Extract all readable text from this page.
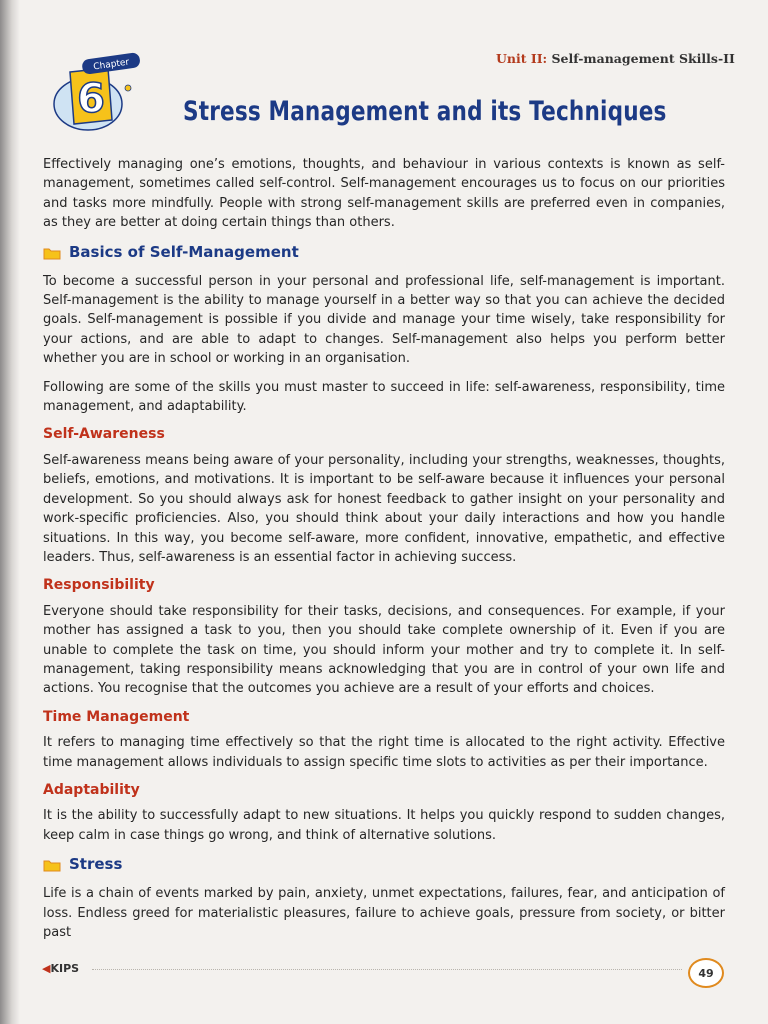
Unit II: Self-management Skills-II
Chapter
6	Stress Management and its Techniques

Effectively managing one’s emotions, thoughts, and behaviour in various contexts is known as self-management, sometimes called self-control. Self-management encourages us to focus on our priorities and tasks more mindfully. People with strong self-management skills are preferred even in companies, as they are better at doing certain things than others.

Basics of Self-Management

To become a successful person in your personal and professional life, self-management is important. Self-management is the ability to manage yourself in a better way so that you can achieve the decided goals. Self-management is possible if you divide and manage your time wisely, take responsibility for your actions, and are able to adapt to changes. Self-management also helps you perform better whether you are in school or working in an organisation.

Following are some of the skills you must master to succeed in life: self-awareness, responsibility, time management, and adaptability.

Self-Awareness

Self-awareness means being aware of your personality, including your strengths, weaknesses, thoughts, beliefs, emotions, and motivations. It is important to be self-aware because it influences your personal development. So you should always ask for honest feedback to gather insight on your personality and work-specific proficiencies. Also, you should think about your daily interactions and how you handle situations. In this way, you become self-aware, more confident, innovative, empathetic, and effective leaders. Thus, self-awareness is an essential factor in achieving success.

Responsibility

Everyone should take responsibility for their tasks, decisions, and consequences. For example, if your mother has assigned a task to you, then you should take complete ownership of it. Even if you are unable to complete the task on time, you should inform your mother and try to complete it. In self-management, taking responsibility means acknowledging that you are in control of your own life and actions. You recognise that the outcomes you achieve are a result of your efforts and choices.

Time Management

It refers to managing time effectively so that the right time is allocated to the right activity. Effective time management allows individuals to assign specific time slots to activities as per their importance.

Adaptability

It is the ability to successfully adapt to new situations. It helps you quickly respond to sudden changes, keep calm in case things go wrong, and think of alternative solutions.

Stress

Life is a chain of events marked by pain, anxiety, unmet expectations, failures, fear, and anticipation of loss. Endless greed for materialistic pleasures, failure to achieve goals, pressure from society, or bitter past

◀KIPS	49
